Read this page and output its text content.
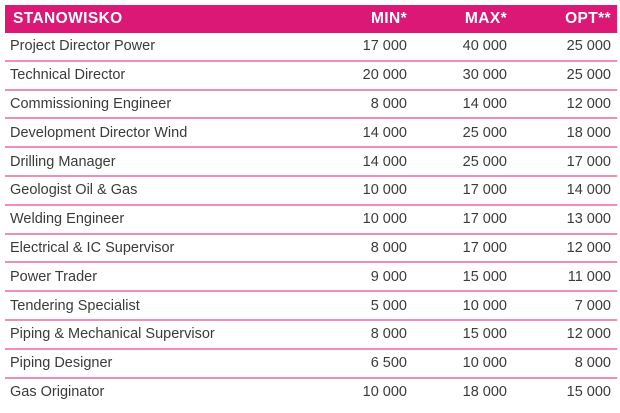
STANOWISKO	MIN*	MAX*	OPT**
Project Director Power	17 000	40 000	25 000
Technical Director	20 000	30 000	25 000
Commissioning Engineer	8 000	14 000	12 000
Development Director Wind	14 000	25 000	18 000
Drilling Manager	14 000	25 000	17 000
Geologist Oil & Gas	10 000	17 000	14 000
Welding Engineer	10 000	17 000	13 000
Electrical & IC Supervisor	8 000	17 000	12 000
Power Trader	9 000	15 000	11 000
Tendering Specialist	5 000	10 000	7 000
Piping & Mechanical Supervisor	8 000	15 000	12 000
Piping Designer	6 500	10 000	8 000
Gas Originator	10 000	18 000	15 000
